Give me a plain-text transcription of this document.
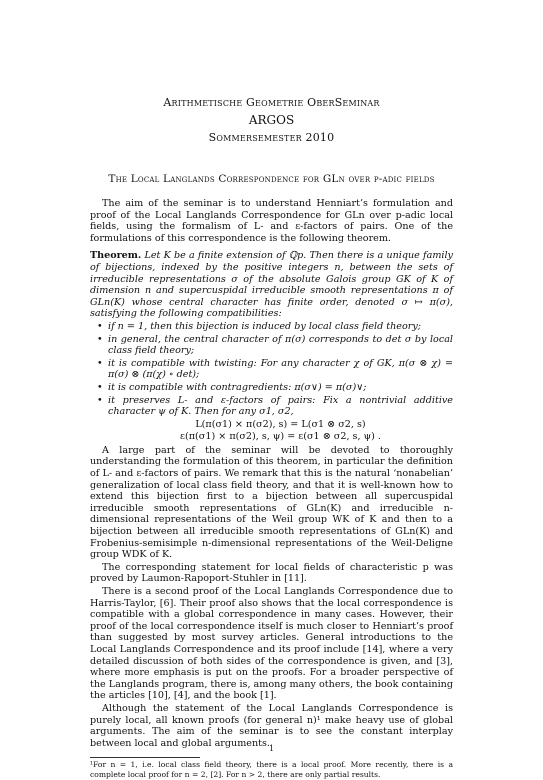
Arithmetische Geometrie OberSeminar
ARGOS
Sommersemester 2010
The Local Langlands Correspondence for GLn over p-adic fields

The aim of the seminar is to understand Henniart’s formulation and proof of the Local Langlands Correspondence for GLn over p-adic local fields, using the formalism of L- and ε-factors of pairs. One of the formulations of this correspondence is the following theorem.

Theorem. Let K be a finite extension of ℚp. Then there is a unique family of bijections, indexed by the positive integers n, between the sets of irreducible representations σ of the absolute Galois group GK of K of dimension n and supercuspidal irreducible smooth representations π of GLn(K) whose central character has finite order, denoted σ ↦ π(σ), satisfying the following compatibilities:
• if n = 1, then this bijection is induced by local class field theory;
• in general, the central character of π(σ) corresponds to det σ by local class field theory;
• it is compatible with twisting: For any character χ of GK, π(σ ⊗ χ) = π(σ) ⊗ (π(χ) ∘ det);
• it is compatible with contragredients: π(σ∨) = π(σ)∨;
• it preserves L- and ε-factors of pairs: Fix a nontrivial additive character ψ of K. Then for any σ1, σ2,
L(π(σ1) × π(σ2), s) = L(σ1 ⊗ σ2, s)
ε(π(σ1) × π(σ2), s, ψ) = ε(σ1 ⊗ σ2, s, ψ) .

A large part of the seminar will be devoted to thoroughly understanding the formulation of this theorem, in particular the definition of L- and ε-factors of pairs. We remark that this is the natural ‘nonabelian’ generalization of local class field theory, and that it is well-known how to extend this bijection first to a bijection between all supercuspidal irreducible smooth representations of GLn(K) and irreducible n-dimensional representations of the Weil group WK of K and then to a bijection between all irreducible smooth representations of GLn(K) and Frobenius-semisimple n-dimensional representations of the Weil-Deligne group WDK of K.

The corresponding statement for local fields of characteristic p was proved by Laumon-Rapoport-Stuhler in [11].

There is a second proof of the Local Langlands Correspondence due to Harris-Taylor, [6]. Their proof also shows that the local correspondence is compatible with a global correspondence in many cases. However, their proof of the local correspondence itself is much closer to Henniart’s proof than suggested by most survey articles. General introductions to the Local Langlands Correspondence and its proof include [14], where a very detailed discussion of both sides of the correspondence is given, and [3], where more emphasis is put on the proofs. For a broader perspective of the Langlands program, there is, among many others, the book containing the articles [10], [4], and the book [1].

Although the statement of the Local Langlands Correspondence is purely local, all known proofs (for general n)¹ make heavy use of global arguments. The aim of the seminar is to see the constant interplay between local and global arguments.

¹For n = 1, i.e. local class field theory, there is a local proof. More recently, there is a complete local proof for n = 2, [2]. For n > 2, there are only partial results.
1
